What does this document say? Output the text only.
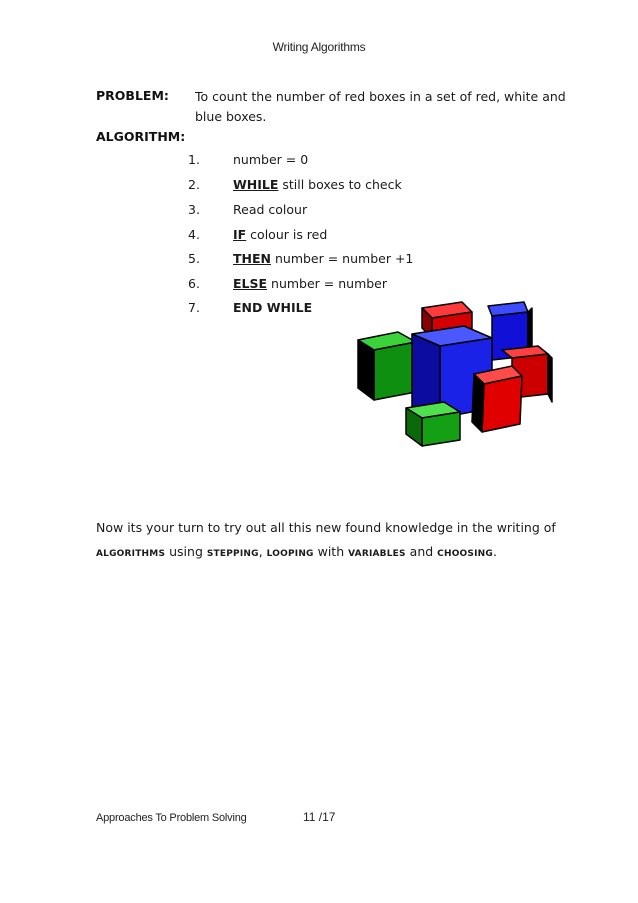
Writing Algorithms
PROBLEM: To count the number of red boxes in a set of red, white and blue boxes.
ALGORITHM:
1.	number = 0
2.	WHILE still boxes to check
3.	Read colour
4.	IF colour is red
5.	THEN number = number +1
6.	ELSE number = number
7.	END WHILE
Now its your turn to try out all this new found knowledge in the writing of
ALGORITHMS using STEPPING, LOOPING with VARIABLES and CHOOSING.
Approaches To Problem Solving	11 /17
